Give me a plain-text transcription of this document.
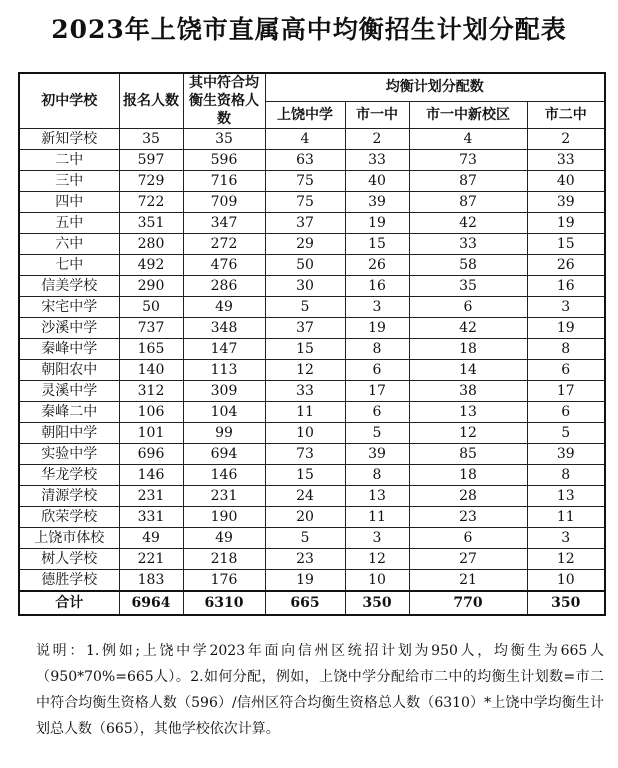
2023年上饶市直属高中均衡招生计划分配表
初中学校	报名人数	其中符合均衡生资格人数	均衡计划分配数			
			上饶中学	市一中	市一中新校区	市二中
新知学校	35	35	4	2	4	2
二中	597	596	63	33	73	33
三中	729	716	75	40	87	40
四中	722	709	75	39	87	39
五中	351	347	37	19	42	19
六中	280	272	29	15	33	15
七中	492	476	50	26	58	26
信美学校	290	286	30	16	35	16
宋宅中学	50	49	5	3	6	3
沙溪中学	737	348	37	19	42	19
秦峰中学	165	147	15	8	18	8
朝阳农中	140	113	12	6	14	6
灵溪中学	312	309	33	17	38	17
秦峰二中	106	104	11	6	13	6
朝阳中学	101	99	10	5	12	5
实验中学	696	694	73	39	85	39
华龙学校	146	146	15	8	18	8
清源学校	231	231	24	13	28	13
欣荣学校	331	190	20	11	23	11
上饶市体校	49	49	5	3	6	3
树人学校	221	218	23	12	27	12
德胜学校	183	176	19	10	21	10
合计	6964	6310	665	350	770	350
说明：1.例如;上饶中学2023年面向信州区统招计划为950人，均衡生为665人（950*70%=665人）。2.如何分配，例如，上饶中学分配给市二中的均衡生计划数=市二中符合均衡生资格人数（596）/信州区符合均衡生资格总人数（6310）*上饶中学均衡生计划总人数（665），其他学校依次计算。
